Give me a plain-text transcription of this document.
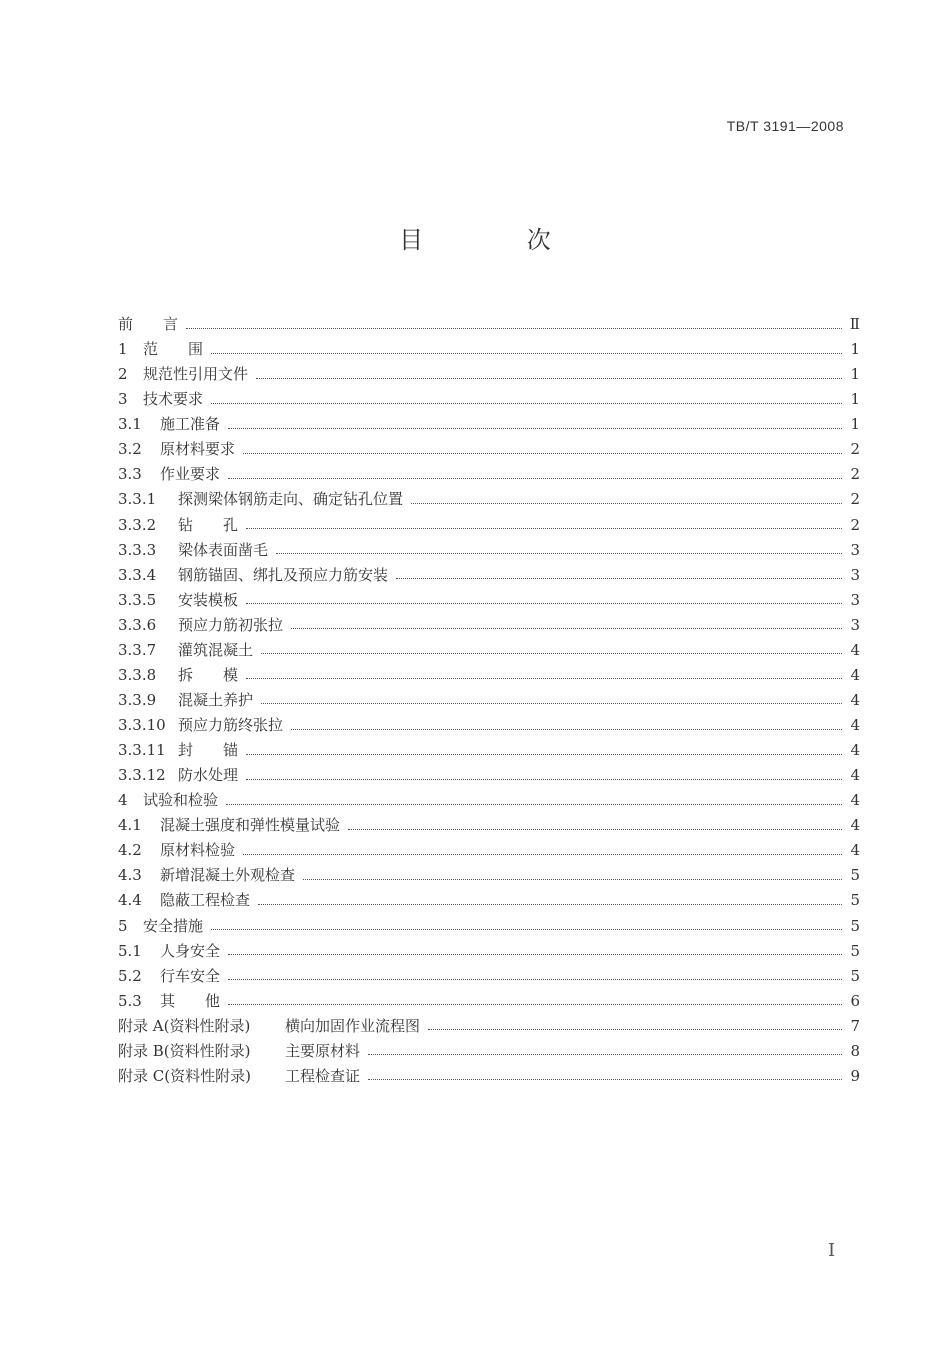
TB/T 3191—2008
目 次
前　　言	Ⅱ
1	范　　围	1
2	规范性引用文件	1
3	技术要求	1
3.1	施工准备	1
3.2	原材料要求	2
3.3	作业要求	2
3.3.1	探测梁体钢筋走向、确定钻孔位置	2
3.3.2	钻　　孔	2
3.3.3	梁体表面凿毛	3
3.3.4	钢筋锚固、绑扎及预应力筋安装	3
3.3.5	安装模板	3
3.3.6	预应力筋初张拉	3
3.3.7	灌筑混凝土	4
3.3.8	拆　　模	4
3.3.9	混凝土养护	4
3.3.10 预应力筋终张拉	4
3.3.11 封　　锚	4
3.3.12 防水处理	4
4	试验和检验	4
4.1	混凝土强度和弹性模量试验	4
4.2	原材料检验	4
4.3	新增混凝土外观检查	5
4.4	隐蔽工程检查	5
5	安全措施	5
5.1	人身安全	5
5.2	行车安全	5
5.3	其　　他	6
附录 A(资料性附录)	横向加固作业流程图	7
附录 B(资料性附录)	主要原材料	8
附录 C(资料性附录)	工程检查证	9
I
